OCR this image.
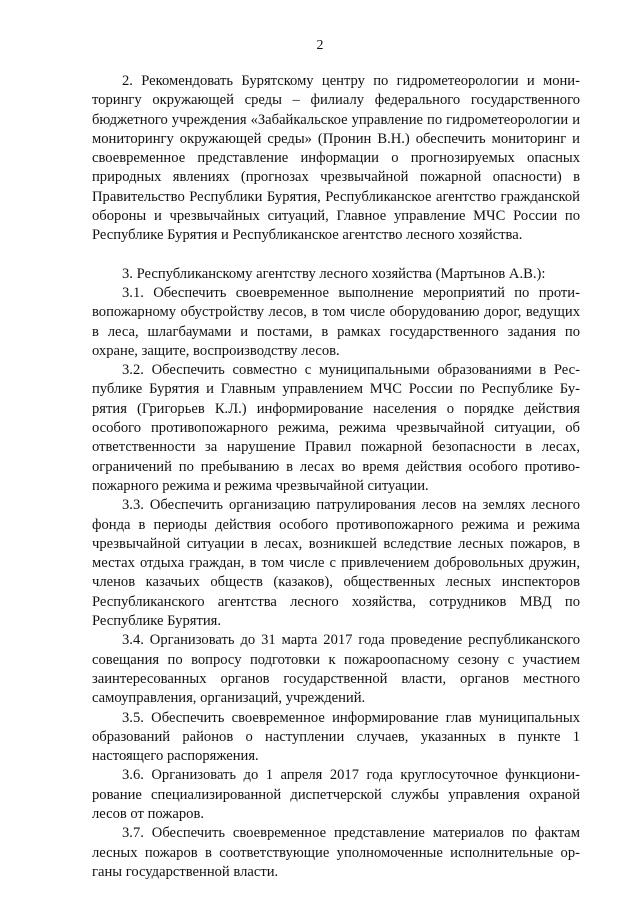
2

2. Рекомендовать Бурятскому центру по гидрометеорологии и мониторингу окружающей среды – филиалу федерального государственного бюджетного учреждения «Забайкальское управление по гидрометеорологии и мониторингу окружающей среды» (Пронин В.Н.) обеспечить мониторинг и своевременное представление информации о прогнозируемых опасных природных явлениях (прогнозах чрезвычайной пожарной опасности) в Правительство Республики Бурятия, Республиканское агентство гражданской обороны и чрезвычайных ситуаций, Главное управление МЧС России по Республике Бурятия и Республиканское агентство лесного хозяйства.

3. Республиканскому агентству лесного хозяйства (Мартынов А.В.):

3.1. Обеспечить своевременное выполнение мероприятий по противопожарному обустройству лесов, в том числе оборудованию дорог, ведущих в леса, шлагбаумами и постами, в рамках государственного задания по охране, защите, воспроизводству лесов.

3.2. Обеспечить совместно с муниципальными образованиями в Республике Бурятия и Главным управлением МЧС России по Республике Бурятия (Григорьев К.Л.) информирование населения о порядке действия особого противопожарного режима, режима чрезвычайной ситуации, об ответственности за нарушение Правил пожарной безопасности в лесах, ограничений по пребыванию в лесах во время действия особого противопожарного режима и режима чрезвычайной ситуации.

3.3. Обеспечить организацию патрулирования лесов на землях лесного фонда в периоды действия особого противопожарного режима и режима чрезвычайной ситуации в лесах, возникшей вследствие лесных пожаров, в местах отдыха граждан, в том числе с привлечением добровольных дружин, членов казачьих обществ (казаков), общественных лесных инспекторов Республиканского агентства лесного хозяйства, сотрудников МВД по Республике Бурятия.

3.4. Организовать до 31 марта 2017 года проведение республиканского совещания по вопросу подготовки к пожароопасному сезону с участием заинтересованных органов государственной власти, органов местного самоуправления, организаций, учреждений.

3.5. Обеспечить своевременное информирование глав муниципальных образований районов о наступлении случаев, указанных в пункте 1 настоящего распоряжения.

3.6. Организовать до 1 апреля 2017 года круглосуточное функционирование специализированной диспетчерской службы управления охраной лесов от пожаров.

3.7. Обеспечить своевременное представление материалов по фактам лесных пожаров в соответствующие уполномоченные исполнительные органы государственной власти.
